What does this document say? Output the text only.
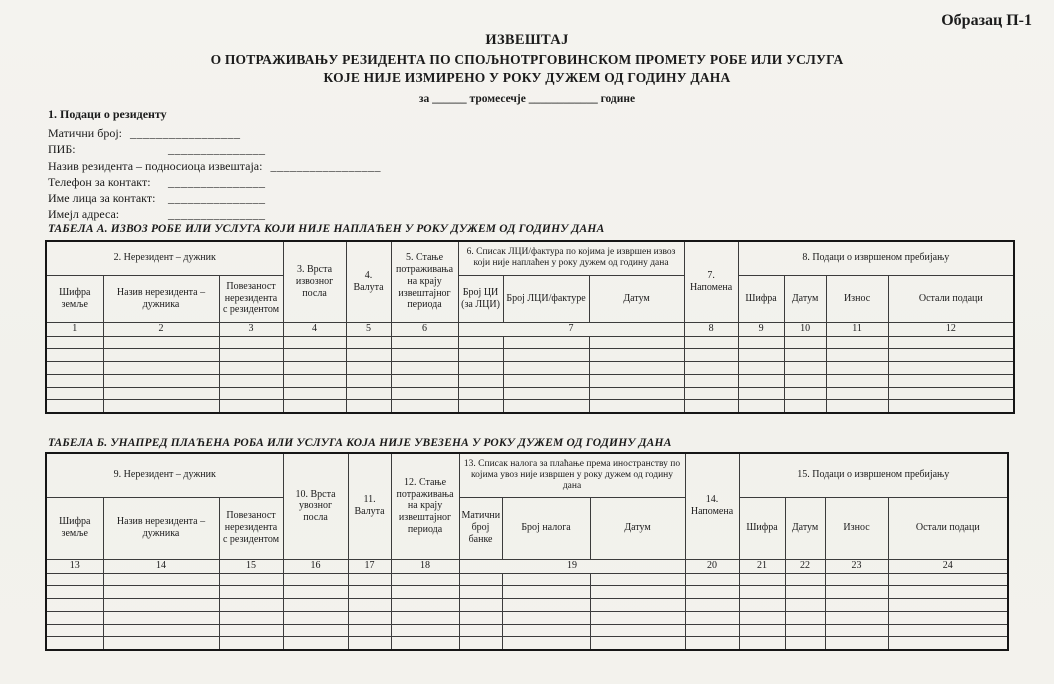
Образац П-1
ИЗВЕШТАЈ
О ПОТРАЖИВАЊУ РЕЗИДЕНТА ПО СПОЉНОТРГОВИНСКОМ ПРОМЕТУ РОБЕ ИЛИ УСЛУГА
КОЈЕ НИЈЕ ИЗМИРЕНО У РОКУ ДУЖЕМ ОД ГОДИНУ ДАНА
за ______ тромесечје ____________ године
1. Подаци о резиденту
Матични број: _________________
ПИБ:	_______________
Назив резидента – подносиоца извештаја: _________________
Телефон за контакт: _______________
Име лица за контакт: _______________
Имејл адреса:	_______________
ТАБЕЛА А. ИЗВОЗ РОБЕ ИЛИ УСЛУГА КОЈИ НИЈЕ НАПЛАЋЕН У РОКУ ДУЖЕМ ОД ГОДИНУ ДАНА
2. Нерезидент – дужник			3. Врста извозног посла	4. Валута	5. Стање потраживања на крају извештајног периода	6. Списак ЛЦИ/фактура по којима је извршен извоз који није наплаћен у року дужем од годину дана			7. Напомена	8. Подаци о извршеном пребијању			
Шифра земље	Назив нерезидента – дужника	Повезаност нерезидента с резидентом				Број ЦИ (за ЛЦИ)	Број ЛЦИ/фактуре	Датум		Шифра	Датум	Износ	Остали подаци
1	2	3	4	5	6	7			8	9	10	11	12

ТАБЕЛА Б. УНАПРЕД ПЛАЋЕНА РОБА ИЛИ УСЛУГА КОЈА НИЈЕ УВЕЗЕНА У РОКУ ДУЖЕМ ОД ГОДИНУ ДАНА
9. Нерезидент – дужник			10. Врста увозног посла	11. Валута	12. Стање потраживања на крају извештајног периода	13. Списак налога за плаћање према иностранству по којима увоз није извршен у року дужем од годину дана			14. Напомена	15. Подаци о извршеном пребијању			
Шифра земље	Назив нерезидента – дужника	Повезаност нерезидента с резидентом				Матични број банке	Број налога	Датум		Шифра	Датум	Износ	Остали подаци
13	14	15	16	17	18	19			20	21	22	23	24
